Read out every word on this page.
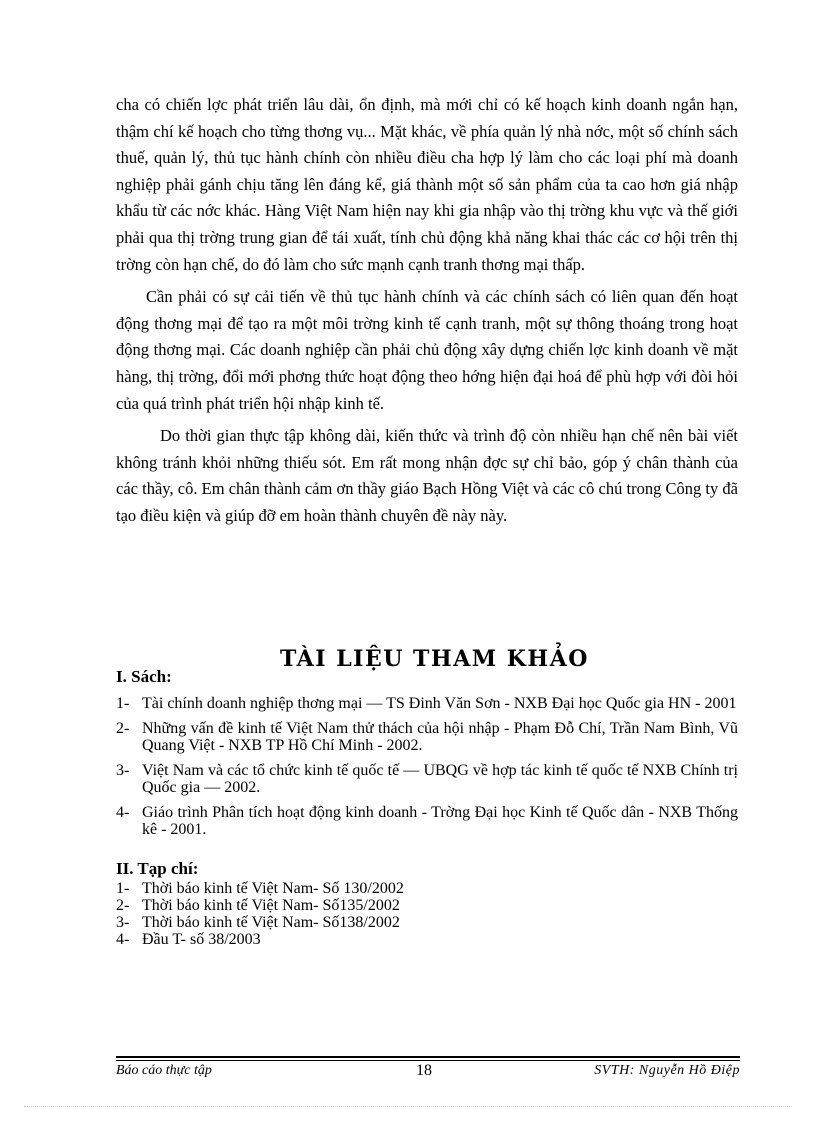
cha có chiến lợc phát triển lâu dài, ổn định, mà mới chỉ có kế hoạch kinh doanh ngắn hạn, thậm chí kế hoạch cho từng thơng vụ... Mặt khác, về phía quản lý nhà nớc, một số chính sách thuế, quản lý, thủ tục hành chính còn nhiều điều cha hợp lý làm cho các loại phí mà doanh nghiệp phải gánh chịu tăng lên đáng kể, giá thành một số sản phẩm của ta cao hơn giá nhập khẩu từ các nớc khác. Hàng Việt Nam hiện nay khi gia nhập vào thị trờng khu vực và thế giới phải qua thị trờng trung gian để tái xuất, tính chủ động khả năng khai thác các cơ hội trên thị trờng còn hạn chế, do đó làm cho sức mạnh cạnh tranh thơng mại thấp.

Cần phải có sự cải tiến về thủ tục hành chính và các chính sách có liên quan đến hoạt động thơng mại để tạo ra một môi trờng kinh tế cạnh tranh, một sự thông thoáng trong hoạt động thơng mại. Các doanh nghiệp cần phải chủ động xây dựng chiến lợc kinh doanh về mặt hàng, thị trờng, đổi mới phơng thức hoạt động theo hớng hiện đại hoá để phù hợp với đòi hỏi của quá trình phát triển hội nhập kinh tế.

Do thời gian thực tập không dài, kiến thức và trình độ còn nhiều hạn chế nên bài viết không tránh khỏi những thiếu sót. Em rất mong nhận đợc sự chỉ bảo, góp ý chân thành của các thầy, cô. Em chân thành cảm ơn thầy giáo Bạch Hồng Việt và các cô chú trong Công ty đã tạo điều kiện và giúp đỡ em hoàn thành chuyên đề này này.

TÀI LIỆU THAM KHẢO
I. Sách:
1- Tài chính doanh nghiệp thơng mại — TS Đinh Văn Sơn - NXB Đại học Quốc gia HN - 2001
2- Những vấn đề kinh tế Việt Nam thử thách của hội nhập - Phạm Đỗ Chí, Trần Nam Bình, Vũ Quang Việt - NXB TP Hồ Chí Minh - 2002.
3- Việt Nam và các tổ chức kinh tế quốc tế — UBQG về hợp tác kinh tế quốc tế NXB Chính trị Quốc gia — 2002.
4- Giáo trình Phân tích hoạt động kinh doanh - Trờng Đại học Kinh tế Quốc dân - NXB Thống kê - 2001.
II. Tạp chí:
1- Thời báo kinh tế Việt Nam- Số 130/2002
2- Thời báo kinh tế Việt Nam- Số135/2002
3- Thời báo kinh tế Việt Nam- Số138/2002
4- Đầu T- số 38/2003
Báo cáo thực tập	18	SVTH: Nguyễn Hồ Điệp
